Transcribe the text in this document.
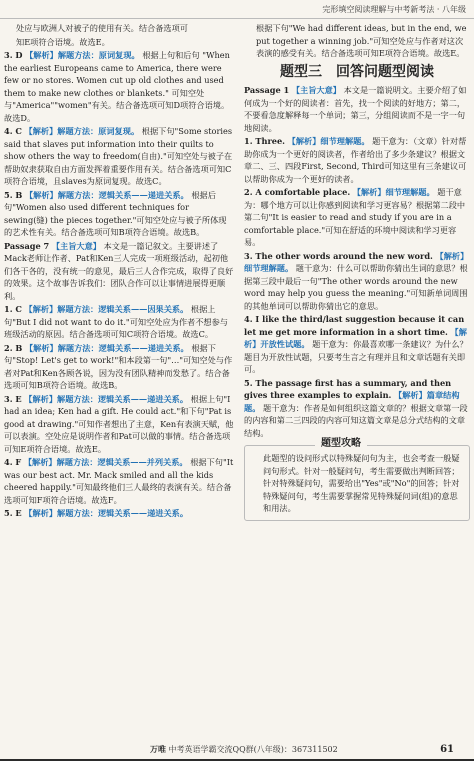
完形填空阅读理解与中考新考法 · 八年级

处应与欧洲人对被子的使用有关。结合备选项可

知E项符合语境。故选E。

3. D 【解析】解题方法：原词复现。 根据上句和后句 "When the earliest Europeans came to America, there were few or no stores. Women cut up old clothes and used them to make new clothes or blankets." 可知空处与"America""women"有关。结合备选项可知D项符合语境。故选D。

4. C 【解析】解题方法：原词复现。 根据下句"Some stories said that slaves put information into their quilts to show others the way to freedom(自由)."可知空处与被子在帮助奴隶获取自由方面发挥着重要作用有关。结合备选项可知C项符合语境，且slaves为原词复现。故选C。

5. B 【解析】解题方法：逻辑关系——递进关系。 根据后句"Women also used different techniques for sewing(缝) the pieces together."可知空处应与被子所体现的艺术性有关。结合备选项可知B项符合语境。故选B。

Passage 7 【主旨大意】 本文是一篇记叙文。主要讲述了Mack老师让作者、Pat和Ken三人完成一项班级活动，起初他们各干各的，没有统一的意见，最后三人合作完成，取得了良好的效果。这个故事告诉我们：团队合作可以让事情进展得更顺利。

1. C 【解析】解题方法：逻辑关系——因果关系。 根据上句"But I did not want to do it."可知空处应为作者不想参与班级活动的原因。结合备选项可知C项符合语境。故选C。

2. B 【解析】解题方法：逻辑关系——递进关系。 根据下句"Stop! Let's get to work!"和本段第一句"…"可知空处与作者对Pat和Ken各顾各说，因为没有团队精神而发愁了。结合备选项可知B项符合语境。故选B。

3. E 【解析】解题方法：逻辑关系——递进关系。 根据上句"I had an idea; Ken had a gift. He could act."和下句"Pat is good at drawing."可知作者想出了主意，Ken有表演天赋，他可以表演。空处应是说明作者和Pat可以做的事情。结合备选项可知E项符合语境。故选E。

4. F 【解析】解题方法：逻辑关系——并列关系。 根据下句"It was our best act. Mr. Mack smiled and all the kids cheered happily."可知最终他们三人最终的表演有关。结合备选项可知F项符合语境。故选F。

5. E 【解析】解题方法：逻辑关系——递进关系。

根据下句"We had different ideas, but in the end, we put together a winning job."可知空处应与作者对这次表演的感受有关。结合备选项可知E项符合语境。故选E。

题型三　回答问题型阅读

Passage 1 【主旨大意】 本文是一篇说明文。主要介绍了如何成为一个好的阅读者：首先，找一个阅读的好地方；第二，不要看急度解释每一个单词；第三，分组阅读而不是一字一句地阅读。

1. Three. 【解析】细节理解题。 题干意为：（文章）针对帮助你成为一个更好的阅读者，作者给出了多少条建议？根据文章二、三、四段First, Second, Third可知这里有三条建议可以帮助你成为一个更好的读者。

2. A comfortable place. 【解析】细节理解题。 题干意为：哪个地方可以让你感到阅读和学习更容易？根据第二段中第二句"It is easier to read and study if you are in a comfortable place."可知在舒适的环境中阅读和学习更容易。

3. The other words around the new word. 【解析】细节理解题。 题干意为：什么可以帮助你猜出生词的意思？根据第三段中最后一句"The other words around the new word may help you guess the meaning."可知新单词周围的其他单词可以帮助你猜出它的意思。

4. I like the third/last suggestion because it can let me get more information in a short time. 【解析】开放性试题。 题干意为：你最喜欢哪一条建议？为什么？题目为开放性试题，只要考生言之有理并且和文章话题有关即可。

5. The passage first has a summary, and then gives three examples to explain. 【解析】篇章结构题。 题干意为：作者是如何组织这篇文章的？根据文章第一段的内容和第二三四段的内容可知这篇文章是总分式结构的文章结构。

题型攻略

此题型的设问形式以特殊疑问句为主，也会考查一般疑问句形式。针对一般疑问句，考生需要做出判断回答；针对特殊疑问句，需要给出"Yes"或"No"的回答；针对特殊疑问句，考生需要掌握常见特殊疑问词(组)的意思和用法。

万唯 中考英语学霸交流QQ群(八年级)：367311502	61
